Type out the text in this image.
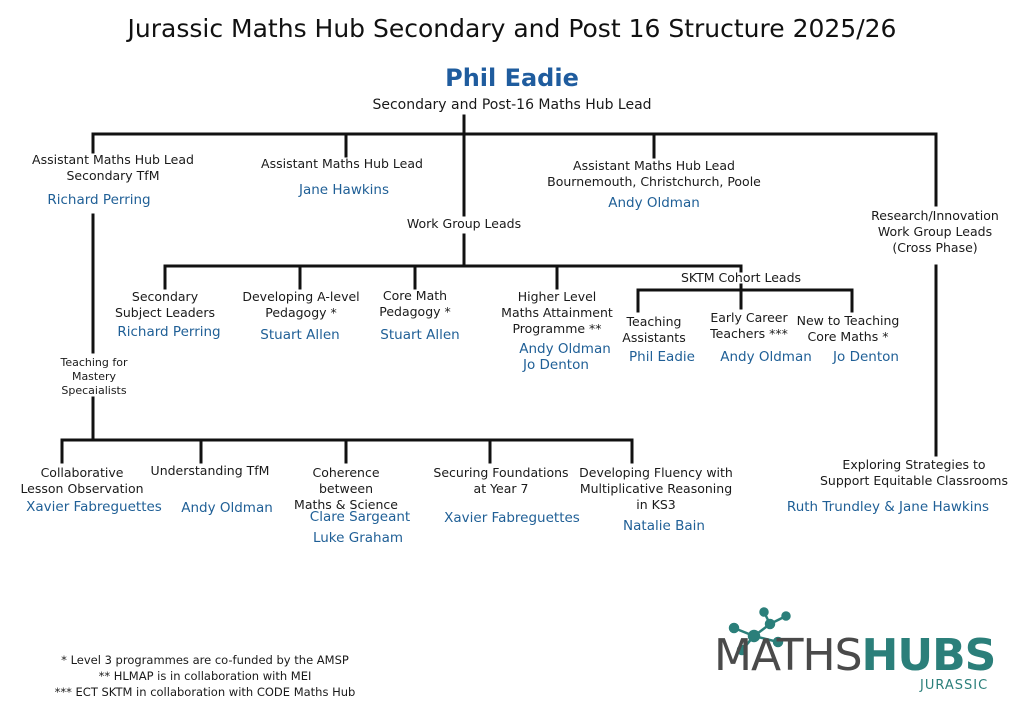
Jurassic Maths Hub Secondary and Post 16 Structure 2025/26
Phil Eadie
Secondary and Post-16 Maths Hub Lead
Assistant Maths Hub Lead
Secondary TfM
Richard Perring
Assistant Maths Hub Lead
Jane Hawkins
Assistant Maths Hub Lead
Bournemouth, Christchurch, Poole
Andy Oldman
Research/Innovation
Work Group Leads
(Cross Phase)
Work Group Leads
Secondary
Subject Leaders
Richard Perring
Developing A-level
Pedagogy *
Stuart Allen
Core Math
Pedagogy *
Stuart Allen
Higher Level
Maths Attainment
Programme **
Andy Oldman
Jo Denton
SKTM Cohort Leads
Teaching
Assistants
Phil Eadie
Early Career
Teachers ***
Andy Oldman
New to Teaching
Core Maths *
Jo Denton
Teaching for
Mastery
Specaialists
Collaborative
Lesson Observation
Xavier Fabreguettes
Understanding TfM
Andy Oldman
Coherence between
Maths & Science
Clare Sargeant
Luke Graham
Securing Foundations
at Year 7
Xavier Fabreguettes
Developing Fluency with
Multiplicative Reasoning
in KS3
Natalie Bain
Exploring Strategies to
Support Equitable Classrooms
Ruth Trundley & Jane Hawkins
* Level 3 programmes are co-funded by the AMSP
** HLMAP is in collaboration with MEI
*** ECT SKTM in collaboration with CODE Maths Hub
MATHSHUBS
JURASSIC
